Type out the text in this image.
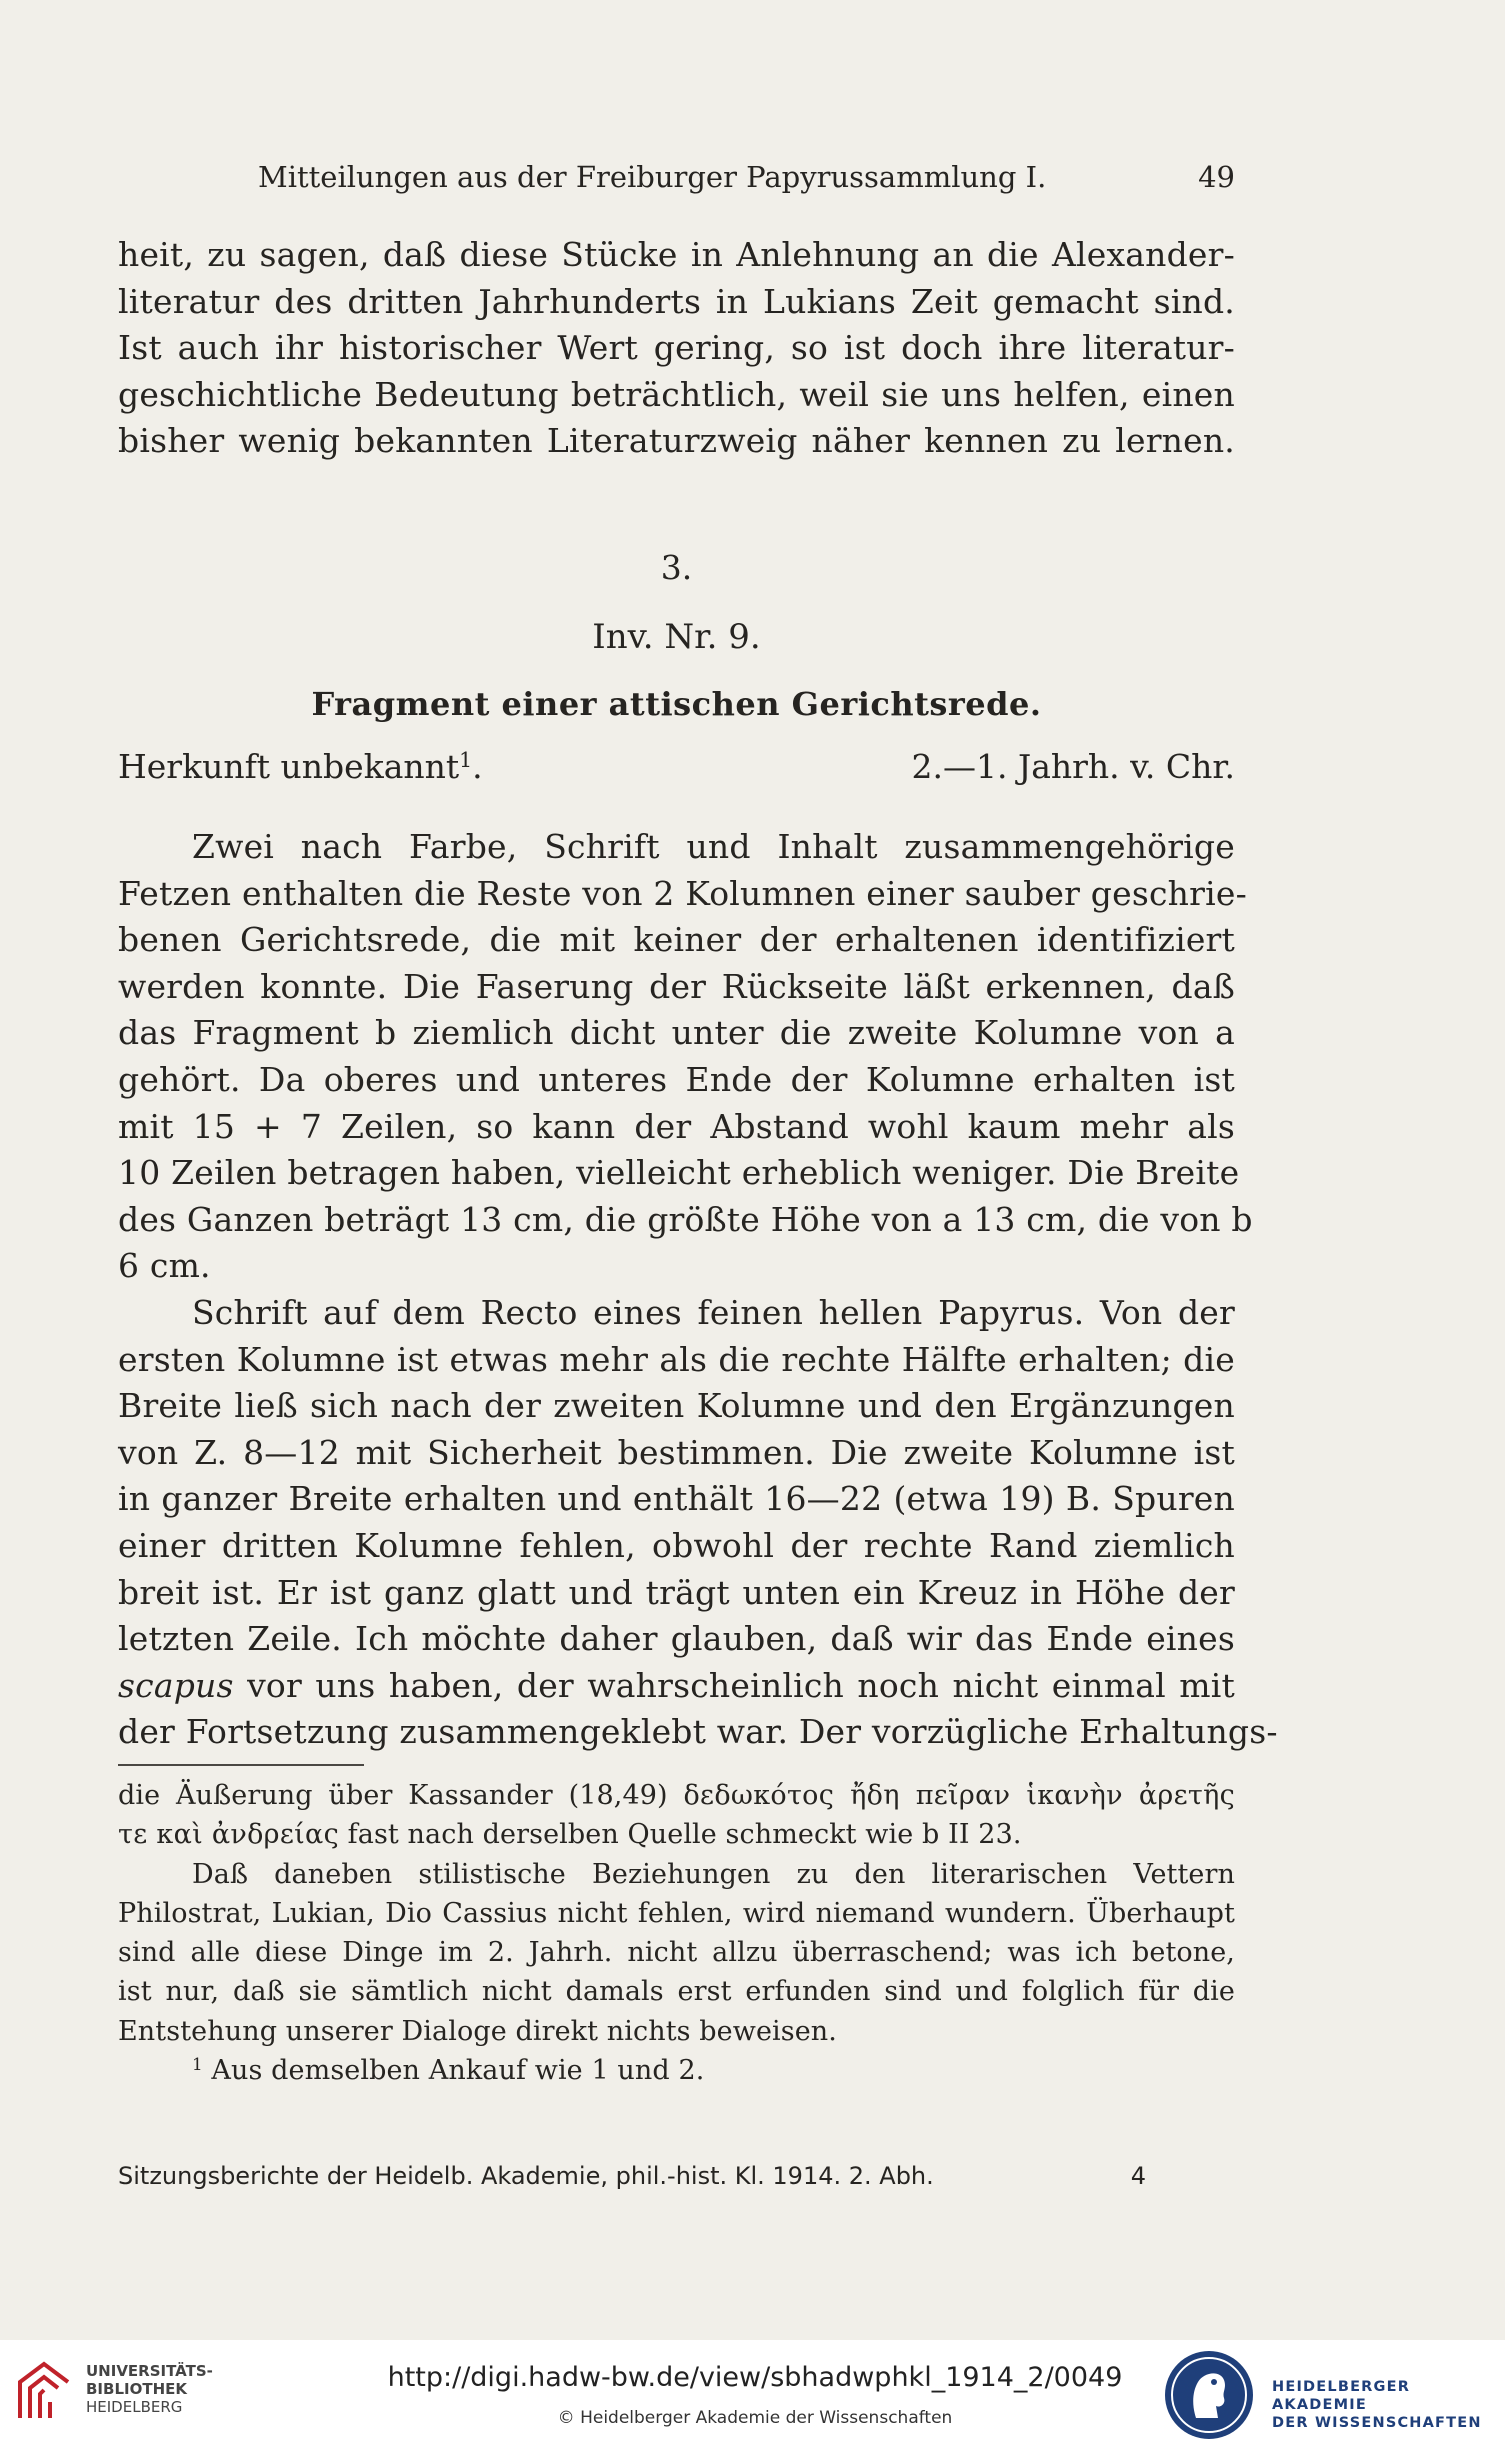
Mitteilungen aus der Freiburger Papyrussammlung I.	49
heit, zu sagen, daß diese Stücke in Anlehnung an die Alexander-
literatur des dritten Jahrhunderts in Lukians Zeit gemacht sind.
Ist auch ihr historischer Wert gering, so ist doch ihre literatur-
geschichtliche Bedeutung beträchtlich, weil sie uns helfen, einen
bisher wenig bekannten Literaturzweig näher kennen zu lernen.
3.
Inv. Nr. 9.
Fragment einer attischen Gerichtsrede.
Herkunft unbekannt$^1$.	2.—1. Jahrh. v. Chr.
Zwei nach Farbe, Schrift und Inhalt zusammengehörige
Fetzen enthalten die Reste von 2 Kolumnen einer sauber geschrie-
benen Gerichtsrede, die mit keiner der erhaltenen identifiziert
werden konnte. Die Faserung der Rückseite läßt erkennen, daß
das Fragment b ziemlich dicht unter die zweite Kolumne von a
gehört. Da oberes und unteres Ende der Kolumne erhalten ist
mit 15 + 7 Zeilen, so kann der Abstand wohl kaum mehr als
10 Zeilen betragen haben, vielleicht erheblich weniger. Die Breite
des Ganzen beträgt 13 cm, die größte Höhe von a 13 cm, die von b
6 cm.
Schrift auf dem Recto eines feinen hellen Papyrus. Von der
ersten Kolumne ist etwas mehr als die rechte Hälfte erhalten; die
Breite ließ sich nach der zweiten Kolumne und den Ergänzungen
von Z. 8—12 mit Sicherheit bestimmen. Die zweite Kolumne ist
in ganzer Breite erhalten und enthält 16—22 (etwa 19) B. Spuren
einer dritten Kolumne fehlen, obwohl der rechte Rand ziemlich
breit ist. Er ist ganz glatt und trägt unten ein Kreuz in Höhe der
letzten Zeile. Ich möchte daher glauben, daß wir das Ende eines
scapus vor uns haben, der wahrscheinlich noch nicht einmal mit
der Fortsetzung zusammengeklebt war. Der vorzügliche Erhaltungs-
die Äußerung über Kassander (18,49) δεδωκότος ἤδη πεῖραν ἱκανὴν ἀρετῆς
τε καὶ ἀνδρείας fast nach derselben Quelle schmeckt wie b II 23.
Daß daneben stilistische Beziehungen zu den literarischen Vettern
Philostrat, Lukian, Dio Cassius nicht fehlen, wird niemand wundern. Überhaupt
sind alle diese Dinge im 2. Jahrh. nicht allzu überraschend; was ich betone,
ist nur, daß sie sämtlich nicht damals erst erfunden sind und folglich für die
Entstehung unserer Dialoge direkt nichts beweisen.
$^1$ Aus demselben Ankauf wie 1 und 2.
Sitzungsberichte der Heidelb. Akademie, phil.-hist. Kl. 1914. 2. Abh.	4
UNIVERSITÄTS-
BIBLIOTHEK
HEIDELBERG
http://digi.hadw-bw.de/view/sbhadwphkl_1914_2/0049
© Heidelberger Akademie der Wissenschaften
HEIDELBERGER AKADEMIE
DER WISSENSCHAFTEN
